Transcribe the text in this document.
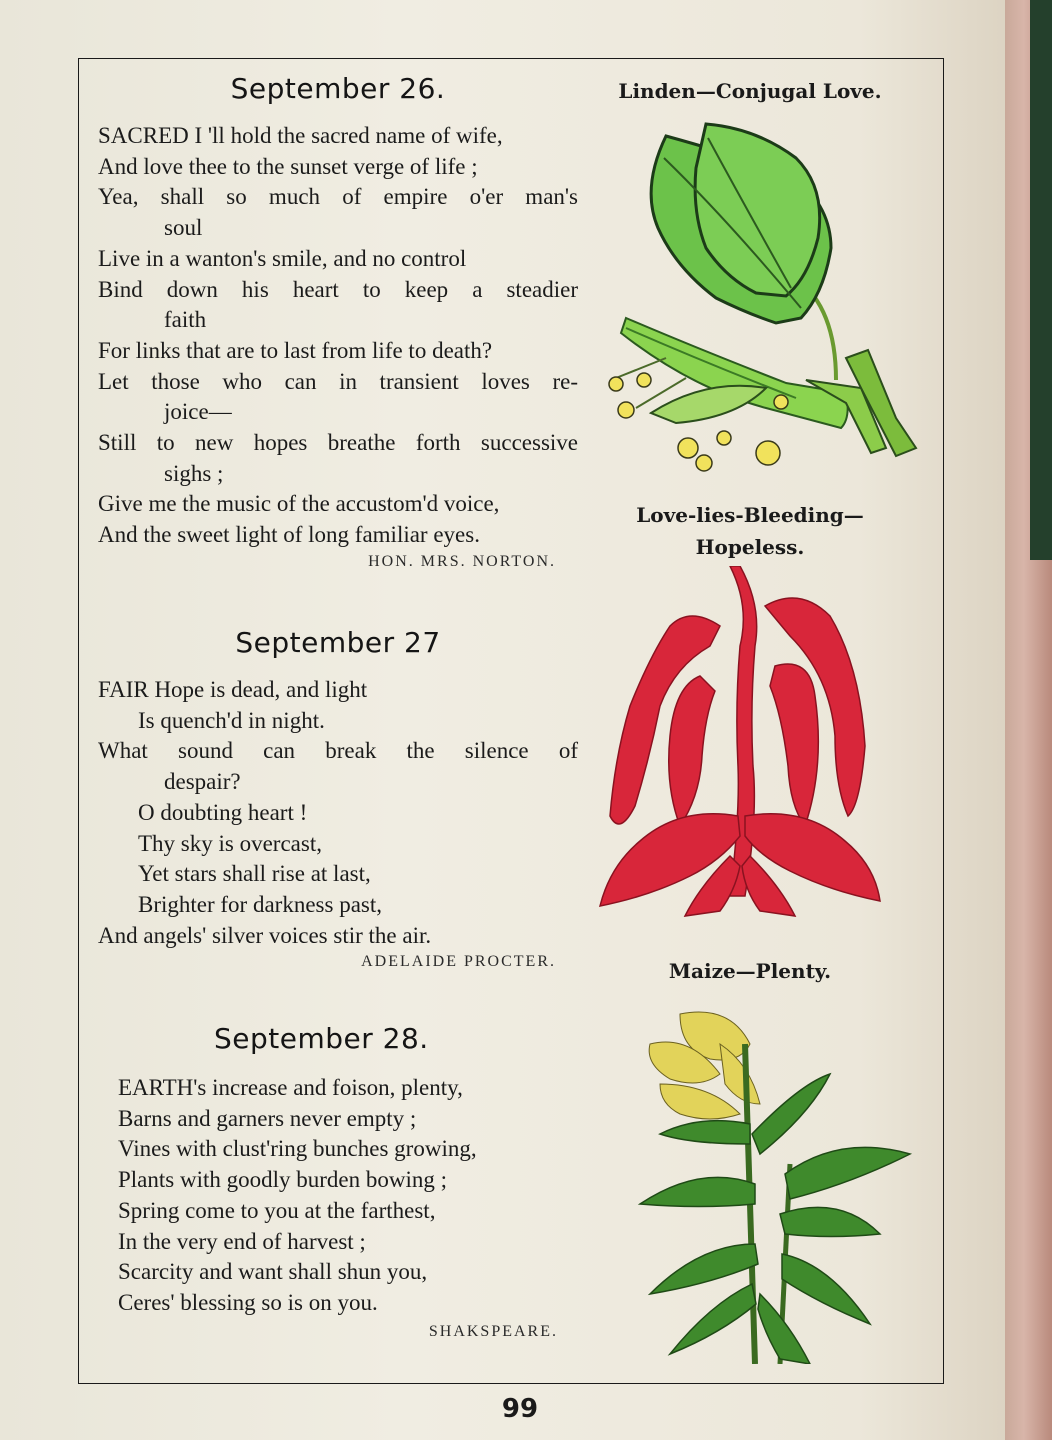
September 26.
SACRED I 'll hold the sacred name of wife,
And love thee to the sunset verge of life ;
Yea, shall so much of empire o'er man's
soul
Live in a wanton's smile, and no control
Bind down his heart to keep a steadier
faith
For links that are to last from life to death?
Let those who can in transient loves re-
joice—
Still to new hopes breathe forth successive
sighs ;
Give me the music of the accustom'd voice,
And the sweet light of long familiar eyes.
HON. MRS. NORTON.
September 27
FAIR Hope is dead, and light
Is quench'd in night.
What sound can break the silence of
despair?
O doubting heart !
Thy sky is overcast,
Yet stars shall rise at last,
Brighter for darkness past,
And angels' silver voices stir the air.
ADELAIDE PROCTER.
September 28.
EARTH's increase and foison, plenty,
Barns and garners never empty ;
Vines with clust'ring bunches growing,
Plants with goodly burden bowing ;
Spring come to you at the farthest,
In the very end of harvest ;
Scarcity and want shall shun you,
Ceres' blessing so is on you.
SHAKSPEARE.
Linden—Conjugal Love.
Love-lies-Bleeding—
Hopeless.
Maize—Plenty.
99
